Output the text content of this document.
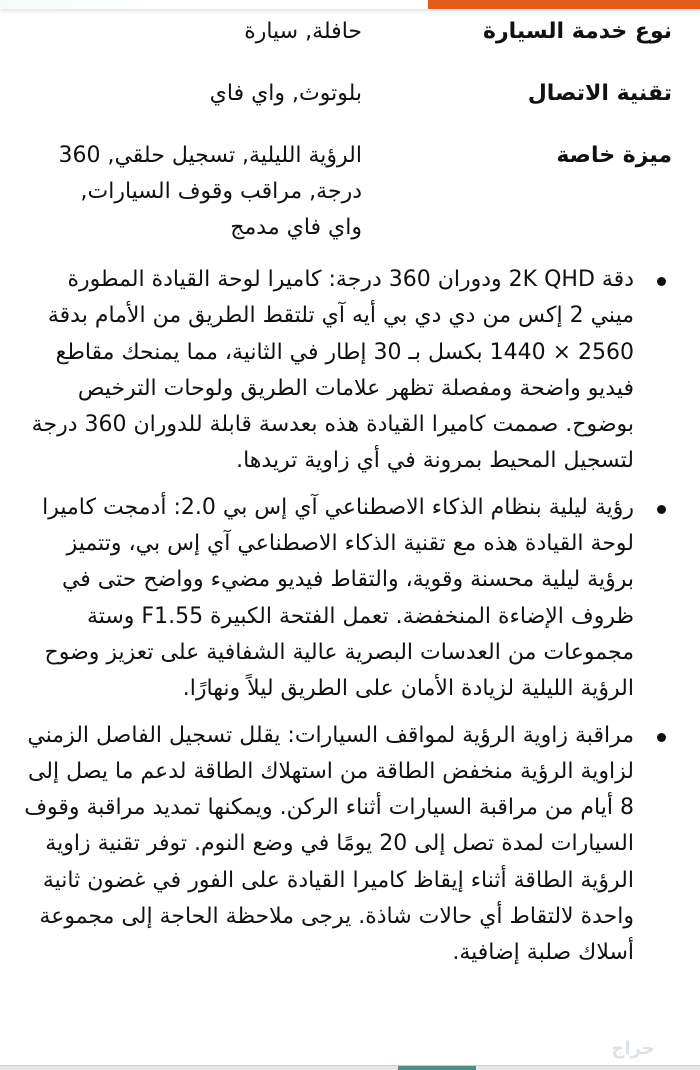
نوع خدمة السيارة
حافلة, سيارة
تقنية الاتصال
بلوتوث, واي فاي
ميزة خاصة
الرؤية الليلية, تسجيل حلقي, 360 درجة, مراقب وقوف السيارات, واي فاي مدمج
دقة 2K QHD ودوران 360 درجة: كاميرا لوحة القيادة المطورة ميني 2 إكس من دي دي بي أيه آي تلتقط الطريق من الأمام بدقة 2560 × 1440 بكسل بـ 30 إطار في الثانية، مما يمنحك مقاطع فيديو واضحة ومفصلة تظهر علامات الطريق ولوحات الترخيص بوضوح. صممت كاميرا القيادة هذه بعدسة قابلة للدوران 360 درجة لتسجيل المحيط بمرونة في أي زاوية تريدها.
رؤية ليلية بنظام الذكاء الاصطناعي آي إس بي 2.0: أدمجت كاميرا لوحة القيادة هذه مع تقنية الذكاء الاصطناعي آي إس بي، وتتميز برؤية ليلية محسنة وقوية، والتقاط فيديو مضيء وواضح حتى في ظروف الإضاءة المنخفضة. تعمل الفتحة الكبيرة F1.55 وستة مجموعات من العدسات البصرية عالية الشفافية على تعزيز وضوح الرؤية الليلية لزيادة الأمان على الطريق ليلاً ونهارًا.
مراقبة زاوية الرؤية لمواقف السيارات: يقلل تسجيل الفاصل الزمني لزاوية الرؤية منخفض الطاقة من استهلاك الطاقة لدعم ما يصل إلى 8 أيام من مراقبة السيارات أثناء الركن. ويمكنها تمديد مراقبة وقوف السيارات لمدة تصل إلى 20 يومًا في وضع النوم. توفر تقنية زاوية الرؤية الطاقة أثناء إيقاظ كاميرا القيادة على الفور في غضون ثانية واحدة لالتقاط أي حالات شاذة. يرجى ملاحظة الحاجة إلى مجموعة أسلاك صلبة إضافية.
حراج
